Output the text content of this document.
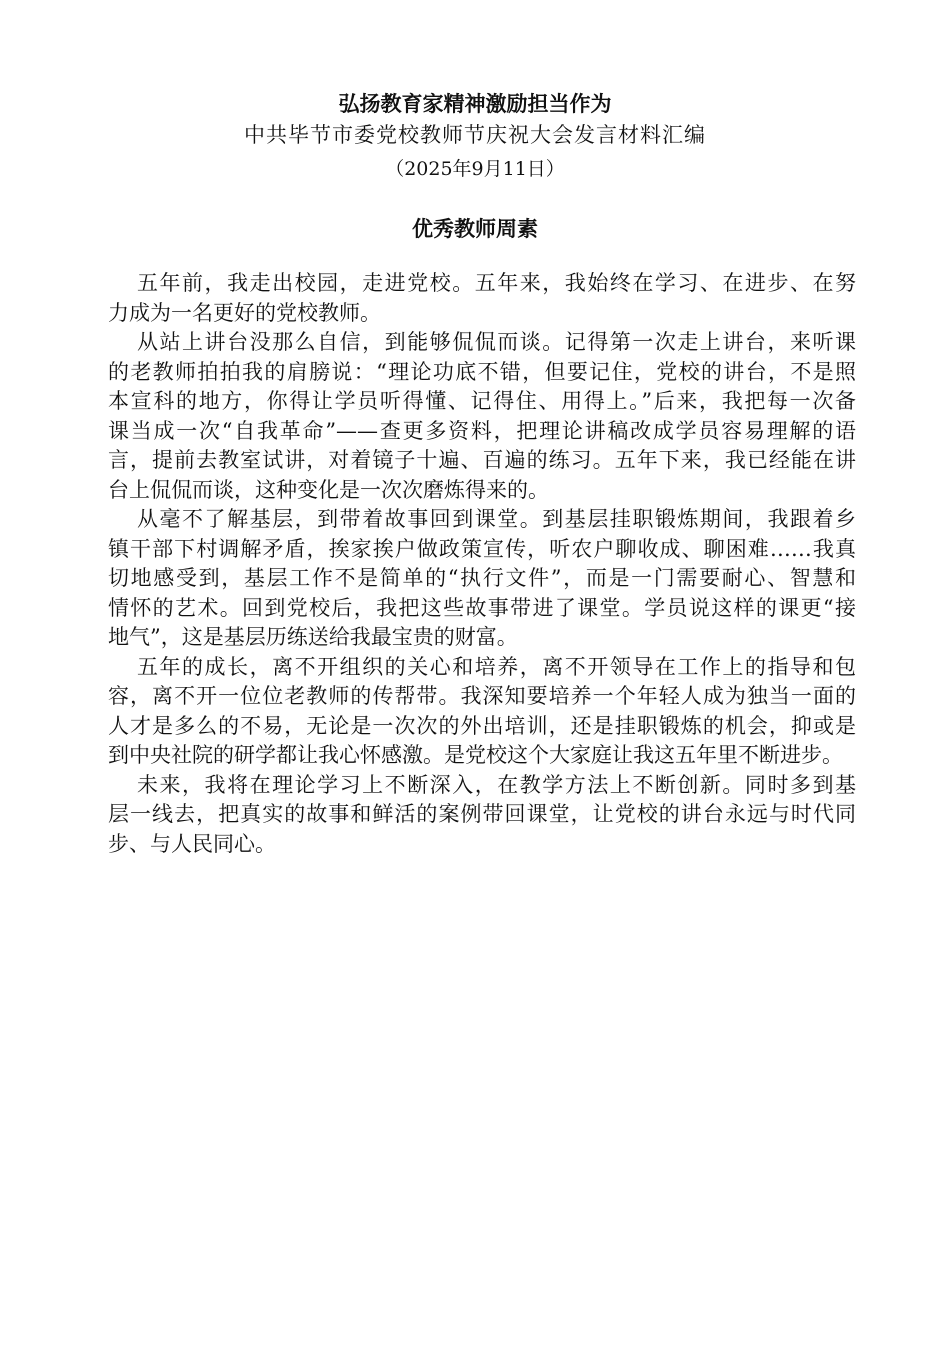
弘扬教育家精神激励担当作为
中共毕节市委党校教师节庆祝大会发言材料汇编
（2025年9月11日）
优秀教师周素
五年前，我走出校园，走进党校。五年来，我始终在学习、在进步、在努
力成为一名更好的党校教师。
从站上讲台没那么自信，到能够侃侃而谈。记得第一次走上讲台，来听课
的老教师拍拍我的肩膀说：“理论功底不错，但要记住，党校的讲台，不是照
本宣科的地方，你得让学员听得懂、记得住、用得上。”后来，我把每一次备
课当成一次“自我革命”——查更多资料，把理论讲稿改成学员容易理解的语
言，提前去教室试讲，对着镜子十遍、百遍的练习。五年下来，我已经能在讲
台上侃侃而谈，这种变化是一次次磨炼得来的。
从毫不了解基层，到带着故事回到课堂。到基层挂职锻炼期间，我跟着乡
镇干部下村调解矛盾，挨家挨户做政策宣传，听农户聊收成、聊困难……我真
切地感受到，基层工作不是简单的“执行文件”，而是一门需要耐心、智慧和
情怀的艺术。回到党校后，我把这些故事带进了课堂。学员说这样的课更“接
地气”，这是基层历练送给我最宝贵的财富。
五年的成长，离不开组织的关心和培养，离不开领导在工作上的指导和包
容，离不开一位位老教师的传帮带。我深知要培养一个年轻人成为独当一面的
人才是多么的不易，无论是一次次的外出培训，还是挂职锻炼的机会，抑或是
到中央社院的研学都让我心怀感激。是党校这个大家庭让我这五年里不断进步。
未来，我将在理论学习上不断深入，在教学方法上不断创新。同时多到基
层一线去，把真实的故事和鲜活的案例带回课堂，让党校的讲台永远与时代同
步、与人民同心。
